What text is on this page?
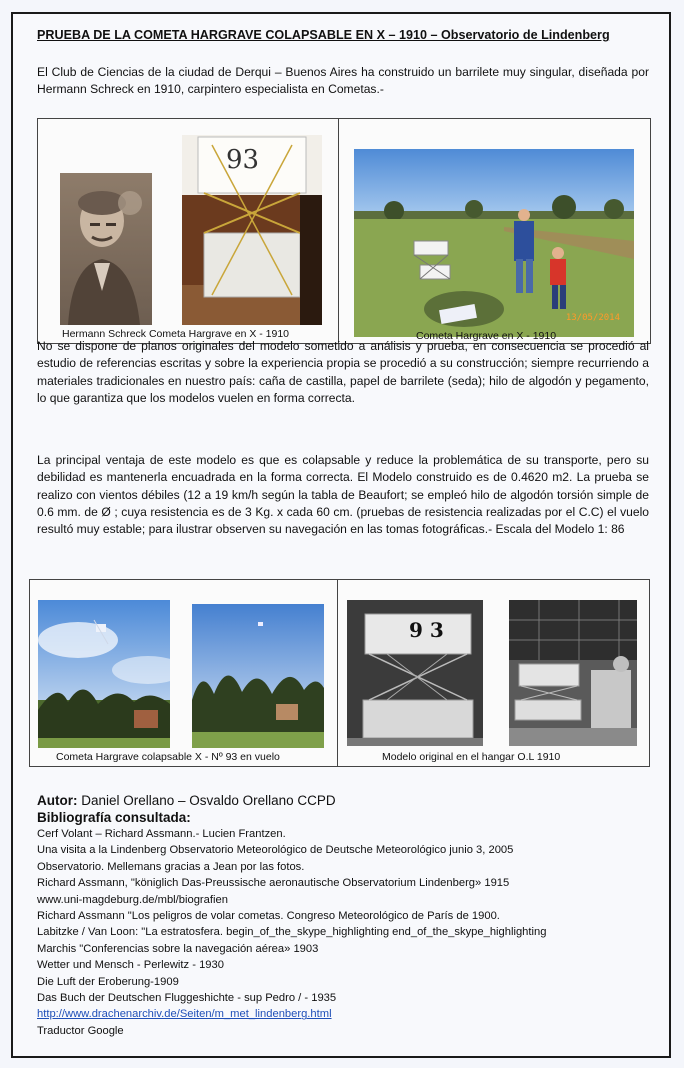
PRUEBA DE LA COMETA HARGRAVE COLAPSABLE EN X – 1910 – Observatorio de Lindenberg

El Club de Ciencias de la ciudad de Derqui – Buenos Aires ha construido un barrilete muy singular, diseñada por Hermann Schreck en 1910, carpintero especialista en Cometas.-

93
13/05/2014
Hermann Schreck Cometa Hargrave en X - 1910	Cometa Hargrave en X - 1910

No se dispone de planos originales del modelo sometido a análisis y prueba, en consecuencia se procedió al estudio de referencias escritas y sobre la experiencia propia se procedió a su construcción; siempre recurriendo a materiales tradicionales en nuestro país: caña de castilla, papel de barrilete (seda); hilo de algodón y pegamento, lo que garantiza que los modelos vuelen en forma correcta.

La principal ventaja de este modelo es que es colapsable y reduce la problemática de su transporte, pero su debilidad es mantenerla encuadrada en la forma correcta. El Modelo construido es de 0.4620 m2. La prueba se realizo con vientos débiles (12 a 19 km/h según la tabla de Beaufort; se empleó hilo de algodón torsión simple de 0.6 mm. de Ø ; cuya resistencia es de 3 Kg. x cada 60 cm. (pruebas de resistencia realizadas por el C.C) el vuelo resultó muy estable; para ilustrar observen su navegación en las tomas fotográficas.- Escala del Modelo 1: 86

9 3
Cometa Hargrave colapsable X - Nº 93 en vuelo	Modelo original en el hangar O.L 1910
Autor: Daniel Orellano – Osvaldo Orellano CCPD
Bibliografía consultada:
Cerf Volant – Richard Assmann.- Lucien Frantzen.
Una visita a la Lindenberg Observatorio Meteorológico de Deutsche Meteorológico junio 3, 2005
Observatorio. Mellemans gracias a Jean por las fotos.
Richard Assmann, "königlich Das-Preussische aeronautische Observatorium Lindenberg» 1915
www.uni-magdeburg.de/mbl/biografien
Richard Assmann "Los peligros de volar cometas. Congreso Meteorológico de París de 1900.
Labitzke / Van Loon: "La estratosfera. begin_of_the_skype_highlighting end_of_the_skype_highlighting
Marchis "Conferencias sobre la navegación aérea» 1903
Wetter und Mensch - Perlewitz - 1930
Die Luft der Eroberung-1909
Das Buch der Deutschen Fluggeshichte - sup Pedro / - 1935
http://www.drachenarchiv.de/Seiten/m_met_lindenberg.html
Traductor Google
